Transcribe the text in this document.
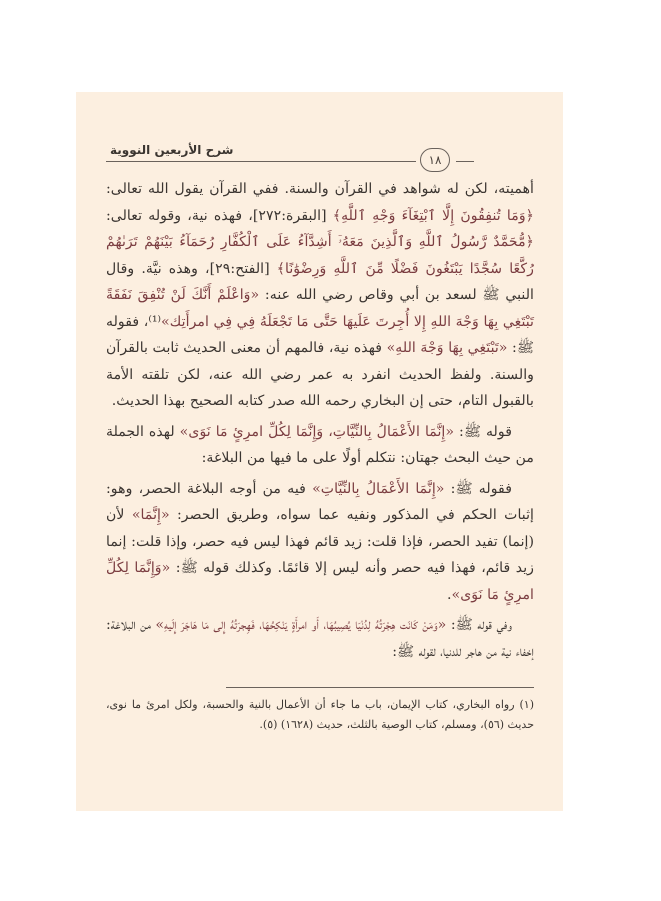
شرح الأربعين النووية
١٨

أهميته، لكن له شواهد في القرآن والسنة. ففي القرآن يقول الله تعالى: ﴿وَمَا تُنفِقُونَ إِلَّا ٱبْتِغَآءَ وَجْهِ ٱللَّهِ﴾ [البقرة:٢٧٢]، فهذه نية، وقوله تعالى: ﴿مُّحَمَّدٌ رَّسُولُ ٱللَّهِ وَٱلَّذِينَ مَعَهُۥٓ أَشِدَّآءُ عَلَى ٱلْكُفَّارِ رُحَمَآءُ بَيْنَهُمْ تَرَىٰهُمْ رُكَّعًا سُجَّدًا يَبْتَغُونَ فَضْلًا مِّنَ ٱللَّهِ وَرِضْوَٰنًا﴾ [الفتح:٢٩]، وهذه نيَّة. وقال النبي ﷺ لسعد بن أبي وقاص رضي الله عنه: «وَاعْلَمْ أَنَّكَ لَنْ تُنْفِقَ نَفَقَةً تَبْتَغِي بِهَا وَجْهَ اللهِ إِلا أُجِرتَ عَلَيهَا حَتَّى مَا تَجْعَلَهُ فِي فِي امرأَتِك»⁽¹⁾، فقوله ﷺ: «تَبْتَغِي بِهَا وَجْهَ اللهِ» فهذه نية، فالمهم أن معنى الحديث ثابت بالقرآن والسنة. ولفظ الحديث انفرد به عمر رضي الله عنه، لكن تلقته الأمة بالقبول التام، حتى إن البخاري رحمه الله صدر كتابه الصحيح بهذا الحديث.

قوله ﷺ: «إِنَّمَا الأَعْمَالُ بِالنِّيَّاتِ، وَإِنَّمَا لِكُلِّ امرِئٍ مَا نَوَى» لهذه الجملة من حيث البحث جهتان: نتكلم أولًا على ما فيها من البلاغة:

فقوله ﷺ: «إِنَّمَا الأَعْمَالُ بِالنِّيَّاتِ» فيه من أوجه البلاغة الحصر، وهو: إثبات الحكم في المذكور ونفيه عما سواه، وطريق الحصر: «إِنَّمَا» لأن (إنما) تفيد الحصر، فإذا قلت: زيد قائم فهذا ليس فيه حصر، وإذا قلت: إنما زيد قائم، فهذا فيه حصر وأنه ليس إلا قائمًا. وكذلك قوله ﷺ: «وَإِنَّمَا لِكُلِّ امرِئٍ مَا نَوَى».

وفي قوله ﷺ: «وَمَنْ كَانَت هِجْرَتُهُ لِدُنْيَا يُصِيبُهَا، أَو امرأَةٍ يَنْكِحُهَا، فَهِجرَتُهُ إِلى مَا هَاجَرَ إِلَيهِ» من البلاغة: إخفاء نية من هاجر للدنيا، لقوله ﷺ:

(١) رواه البخاري، كتاب الإيمان، باب ما جاء أن الأعمال بالنية والحسبة، ولكل امرئ ما نوى، حديث (٥٦)، ومسلم، كتاب الوصية بالثلث، حديث (١٦٢٨) (٥).
